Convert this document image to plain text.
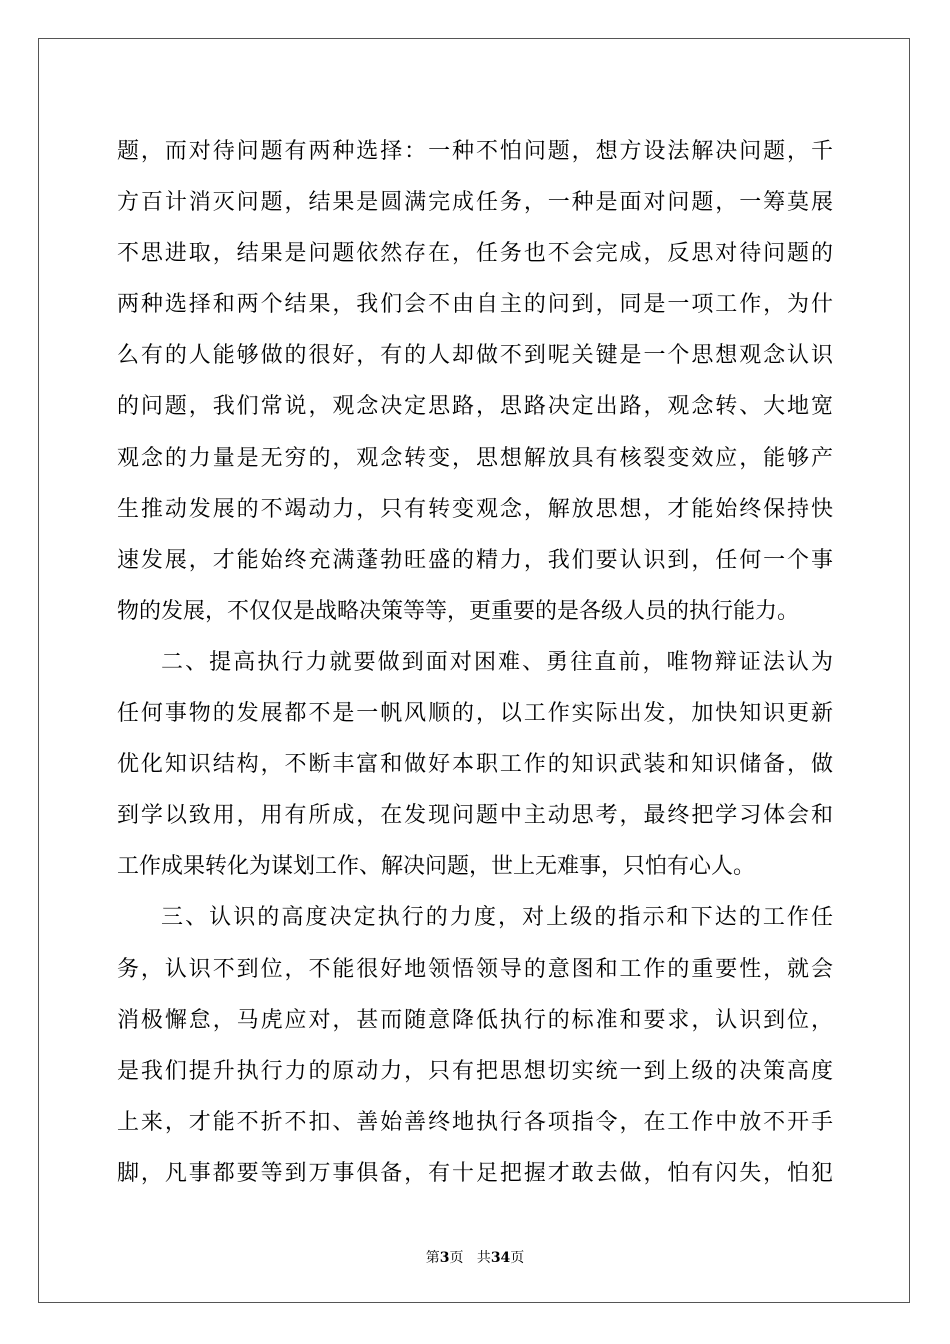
题，而对待问题有两种选择：一种不怕问题，想方设法解决问题，千
方百计消灭问题，结果是圆满完成任务，一种是面对问题，一筹莫展
不思进取，结果是问题依然存在，任务也不会完成，反思对待问题的
两种选择和两个结果，我们会不由自主的问到，同是一项工作，为什
么有的人能够做的很好，有的人却做不到呢关键是一个思想观念认识
的问题，我们常说，观念决定思路，思路决定出路，观念转、大地宽
观念的力量是无穷的，观念转变，思想解放具有核裂变效应，能够产
生推动发展的不竭动力，只有转变观念，解放思想，才能始终保持快
速发展，才能始终充满蓬勃旺盛的精力，我们要认识到，任何一个事
物的发展，不仅仅是战略决策等等，更重要的是各级人员的执行能力。
二、提高执行力就要做到面对困难、勇往直前，唯物辩证法认为
任何事物的发展都不是一帆风顺的，以工作实际出发，加快知识更新
优化知识结构，不断丰富和做好本职工作的知识武装和知识储备，做
到学以致用，用有所成，在发现问题中主动思考，最终把学习体会和
工作成果转化为谋划工作、解决问题，世上无难事，只怕有心人。
三、认识的高度决定执行的力度，对上级的指示和下达的工作任
务，认识不到位，不能很好地领悟领导的意图和工作的重要性，就会
消极懈怠，马虎应对，甚而随意降低执行的标准和要求，认识到位，
是我们提升执行力的原动力，只有把思想切实统一到上级的决策高度
上来，才能不折不扣、善始善终地执行各项指令，在工作中放不开手
脚，凡事都要等到万事俱备，有十足把握才敢去做，怕有闪失，怕犯
第3页 共34页
